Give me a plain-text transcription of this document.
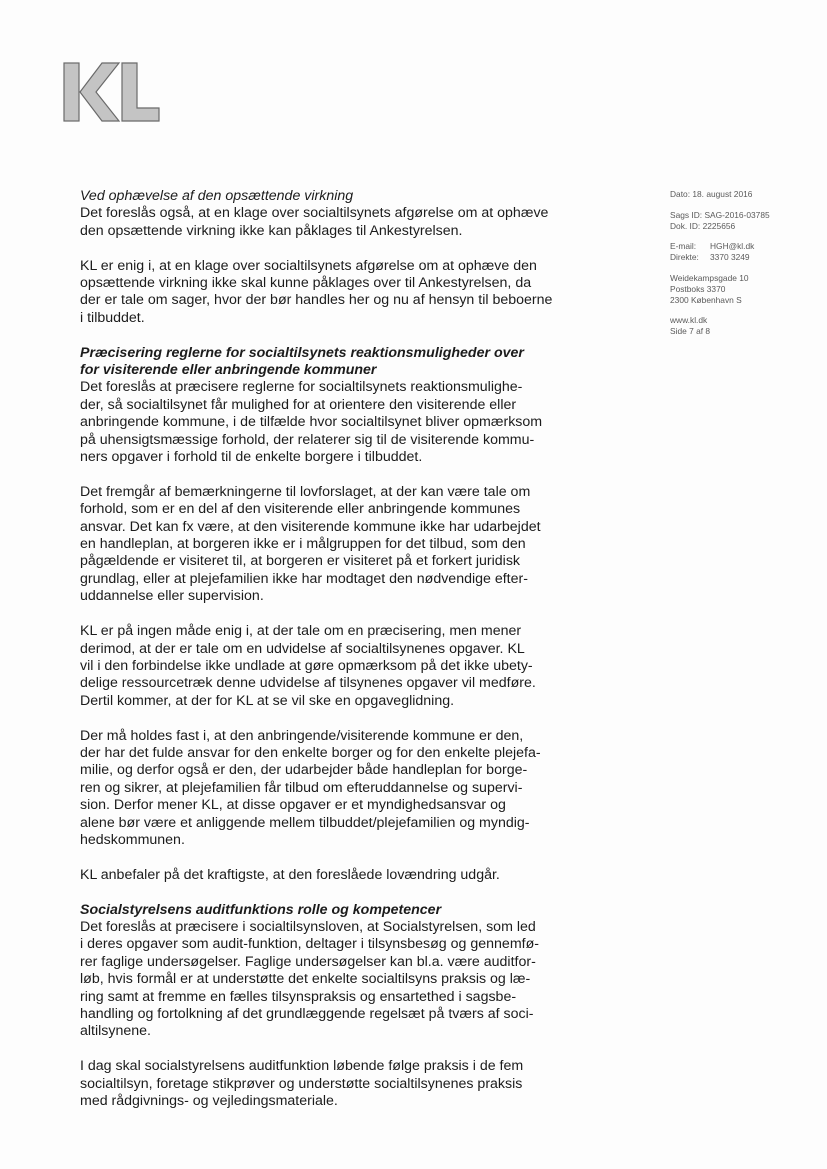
Dato: 18. august 2016
Sags ID: SAG-2016-03785
Dok. ID: 2225656
E-mail: HGH@kl.dk
Direkte: 3370 3249
Weidekampsgade 10
Postboks 3370
2300 København S
www.kl.dk
Side 7 af 8
Ved ophævelse af den opsættende virkning
Det foreslås også, at en klage over socialtilsynets afgørelse om at ophæve
den opsættende virkning ikke kan påklages til Ankestyrelsen.
KL er enig i, at en klage over socialtilsynets afgørelse om at ophæve den
opsættende virkning ikke skal kunne påklages over til Ankestyrelsen, da
der er tale om sager, hvor der bør handles her og nu af hensyn til beboerne
i tilbuddet.
Præcisering reglerne for socialtilsynets reaktionsmuligheder over
for visiterende eller anbringende kommuner
Det foreslås at præcisere reglerne for socialtilsynets reaktionsmulighe-
der, så socialtilsynet får mulighed for at orientere den visiterende eller
anbringende kommune, i de tilfælde hvor socialtilsynet bliver opmærksom
på uhensigtsmæssige forhold, der relaterer sig til de visiterende kommu-
ners opgaver i forhold til de enkelte borgere i tilbuddet.
Det fremgår af bemærkningerne til lovforslaget, at der kan være tale om
forhold, som er en del af den visiterende eller anbringende kommunes
ansvar. Det kan fx være, at den visiterende kommune ikke har udarbejdet
en handleplan, at borgeren ikke er i målgruppen for det tilbud, som den
pågældende er visiteret til, at borgeren er visiteret på et forkert juridisk
grundlag, eller at plejefamilien ikke har modtaget den nødvendige efter-
uddannelse eller supervision.
KL er på ingen måde enig i, at der tale om en præcisering, men mener
derimod, at der er tale om en udvidelse af socialtilsynenes opgaver. KL
vil i den forbindelse ikke undlade at gøre opmærksom på det ikke ubety-
delige ressourcetræk denne udvidelse af tilsynenes opgaver vil medføre.
Dertil kommer, at der for KL at se vil ske en opgaveglidning.
Der må holdes fast i, at den anbringende/visiterende kommune er den,
der har det fulde ansvar for den enkelte borger og for den enkelte plejefa-
milie, og derfor også er den, der udarbejder både handleplan for borge-
ren og sikrer, at plejefamilien får tilbud om efteruddannelse og supervi-
sion. Derfor mener KL, at disse opgaver er et myndighedsansvar og
alene bør være et anliggende mellem tilbuddet/plejefamilien og myndig-
hedskommunen.
KL anbefaler på det kraftigste, at den foreslåede lovændring udgår.
Socialstyrelsens auditfunktions rolle og kompetencer
Det foreslås at præcisere i socialtilsynsloven, at Socialstyrelsen, som led
i deres opgaver som audit-funktion, deltager i tilsynsbesøg og gennemfø-
rer faglige undersøgelser. Faglige undersøgelser kan bl.a. være auditfor-
løb, hvis formål er at understøtte det enkelte socialtilsyns praksis og læ-
ring samt at fremme en fælles tilsynspraksis og ensartethed i sagsbe-
handling og fortolkning af det grundlæggende regelsæt på tværs af soci-
altilsynene.
I dag skal socialstyrelsens auditfunktion løbende følge praksis i de fem
socialtilsyn, foretage stikprøver og understøtte socialtilsynenes praksis
med rådgivnings- og vejledingsmateriale.
